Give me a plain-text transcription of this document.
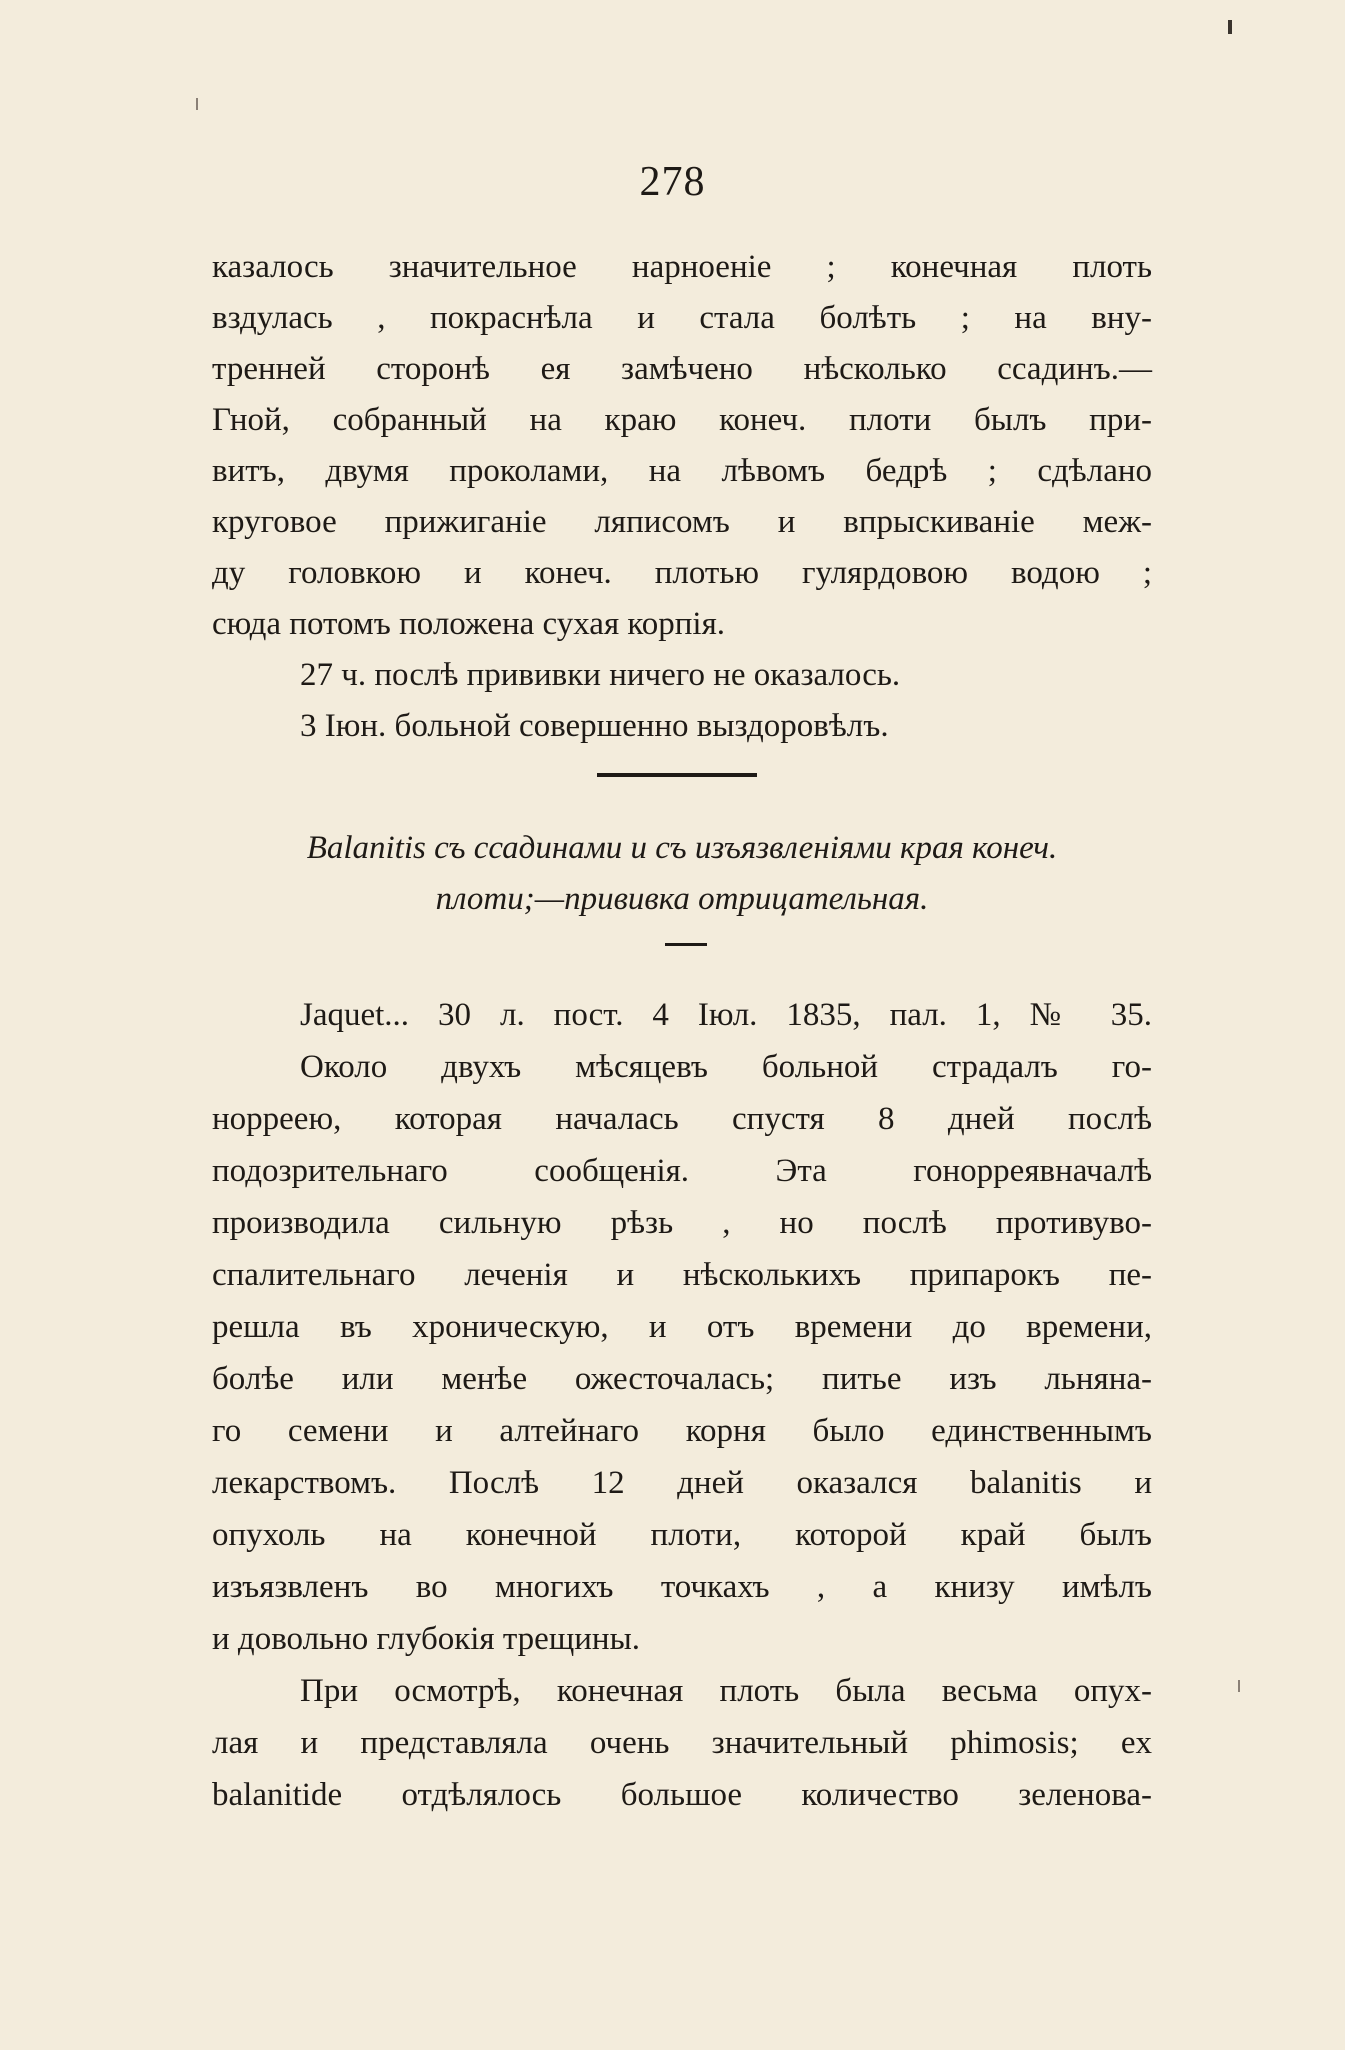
278
казалось значительное нарноеніе ; конечная плоть
вздулась , покраснѣла и стала болѣть ; на вну-
тренней сторонѣ ея замѣчено нѣсколько ссадинъ.—
Гной, собранный на краю конеч. плоти былъ при-
витъ, двумя проколами, на лѣвомъ бедрѣ ; сдѣлано
круговое прижиганіе ляписомъ и впрыскиваніе меж-
ду головкою и конеч. плотью гулярдовою водою ;
сюда потомъ положена сухая корпія.
27 ч. послѣ прививки ничего не оказалось.
3 Іюн. больной совершенно выздоровѣлъ.
Balanitis съ ссадинами и съ изъязвленіями края конеч.
плоти;—прививка отрицательная.
Jaquet... 30 л. пост. 4 Іюл. 1835, пал. 1, № 35.
Около двухъ мѣсяцевъ больной страдалъ го-
норреею, которая началась спустя 8 дней послѣ
подозрительнаго сообщенія. Эта гонорреявначалѣ
производила сильную рѣзь , но послѣ противуво-
спалительнаго леченія и нѣсколькихъ припарокъ пе-
решла въ хроническую, и отъ времени до времени,
болѣе или менѣе ожесточалась; питье изъ льняна-
го семени и алтейнаго корня было единственнымъ
лекарствомъ. Послѣ 12 дней оказался balanitis и
опухоль на конечной плоти, которой край былъ
изъязвленъ во многихъ точкахъ , а книзу имѣлъ
и довольно глубокія трещины.
При осмотрѣ, конечная плоть была весьма опух-
лая и представляла очень значительный phimosis; ex
balanitide отдѣлялось большое количество зеленова-
